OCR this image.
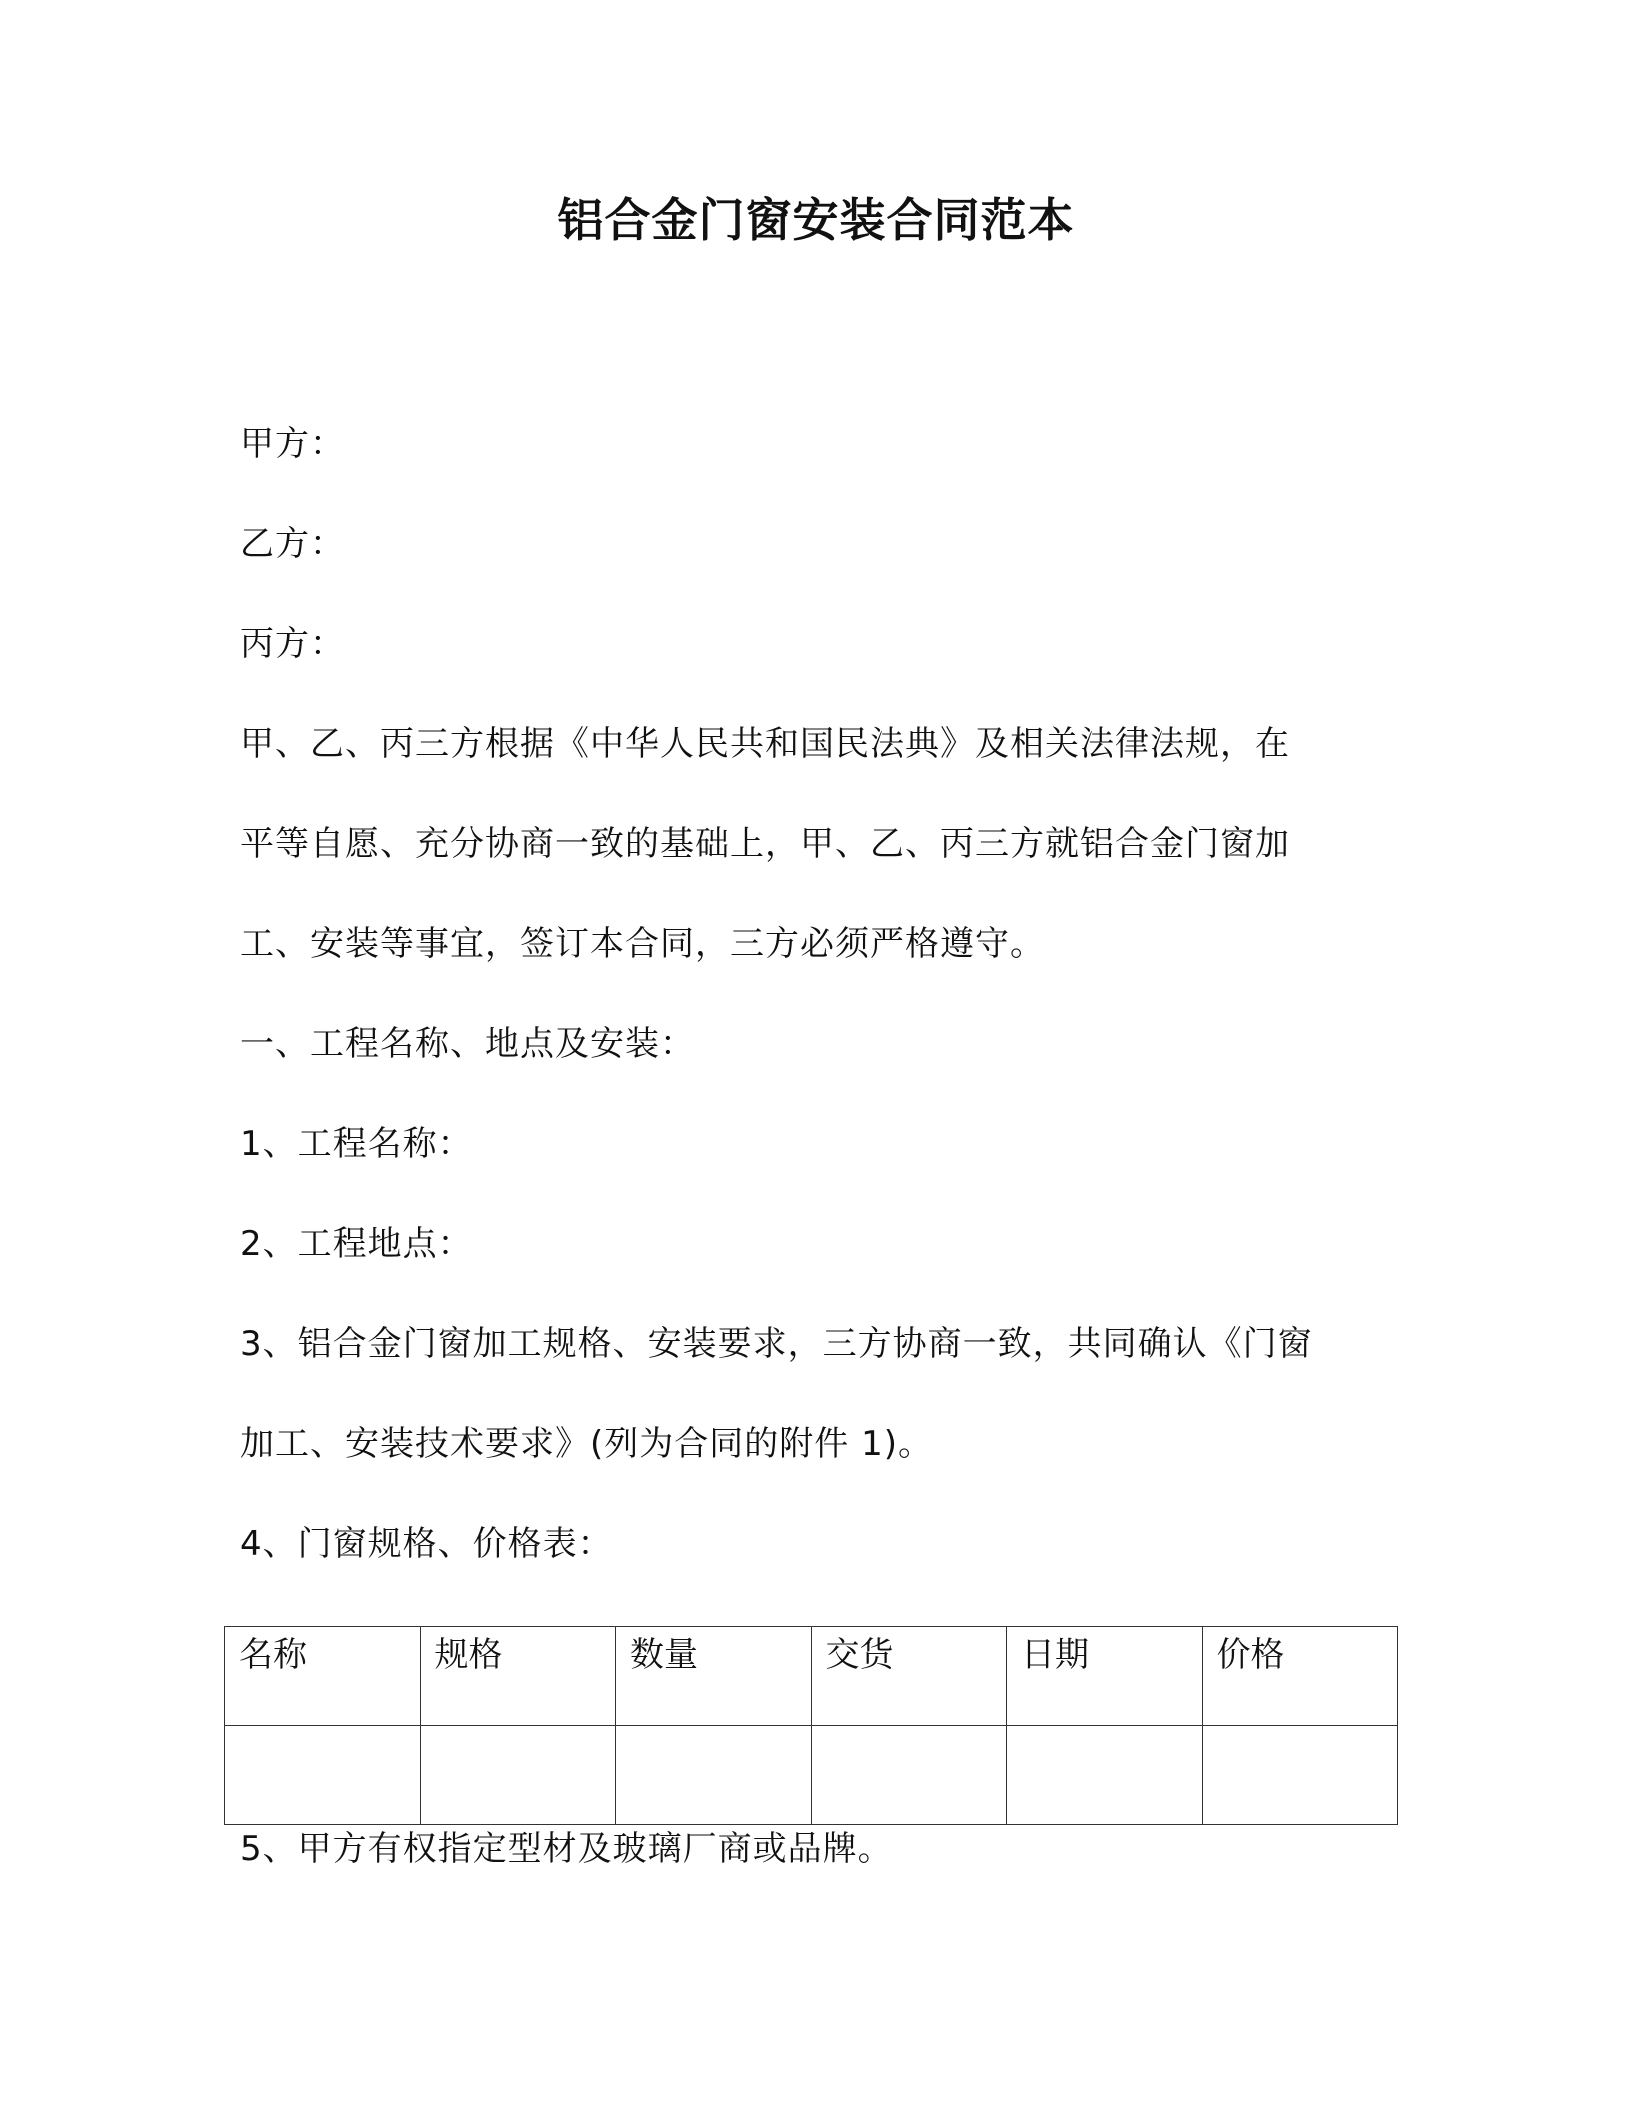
铝合金门窗安装合同范本
甲方：
乙方：
丙方：
甲、乙、丙三方根据《中华人民共和国民法典》及相关法律法规，在
平等自愿、充分协商一致的基础上，甲、乙、丙三方就铝合金门窗加
工、安装等事宜，签订本合同，三方必须严格遵守。
一、工程名称、地点及安装：
1、工程名称：
2、工程地点：
3、铝合金门窗加工规格、安装要求，三方协商一致，共同确认《门窗
加工、安装技术要求》(列为合同的附件 1)。
4、门窗规格、价格表：
名称	规格	数量	交货	日期	价格

5、甲方有权指定型材及玻璃厂商或品牌。
